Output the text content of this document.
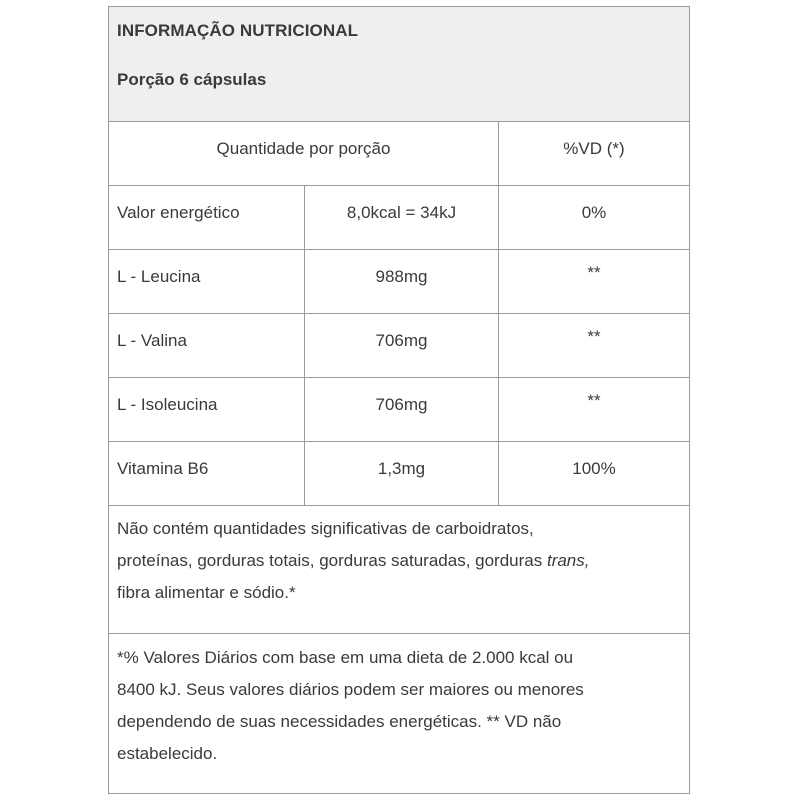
INFORMAÇÃO NUTRICIONAL
Porção 6 cápsulas
Quantidade por porção	%VD (*)
Valor energético	8,0kcal = 34kJ	0%
L - Leucina	988mg	**
L - Valina	706mg	**
L - Isoleucina	706mg	**
Vitamina B6	1,3mg	100%
Não contém quantidades significativas de carboidratos,
proteínas, gorduras totais, gorduras saturadas, gorduras trans,
fibra alimentar e sódio.*
*% Valores Diários com base em uma dieta de 2.000 kcal ou
8400 kJ. Seus valores diários podem ser maiores ou menores
dependendo de suas necessidades energéticas. ** VD não
estabelecido.
